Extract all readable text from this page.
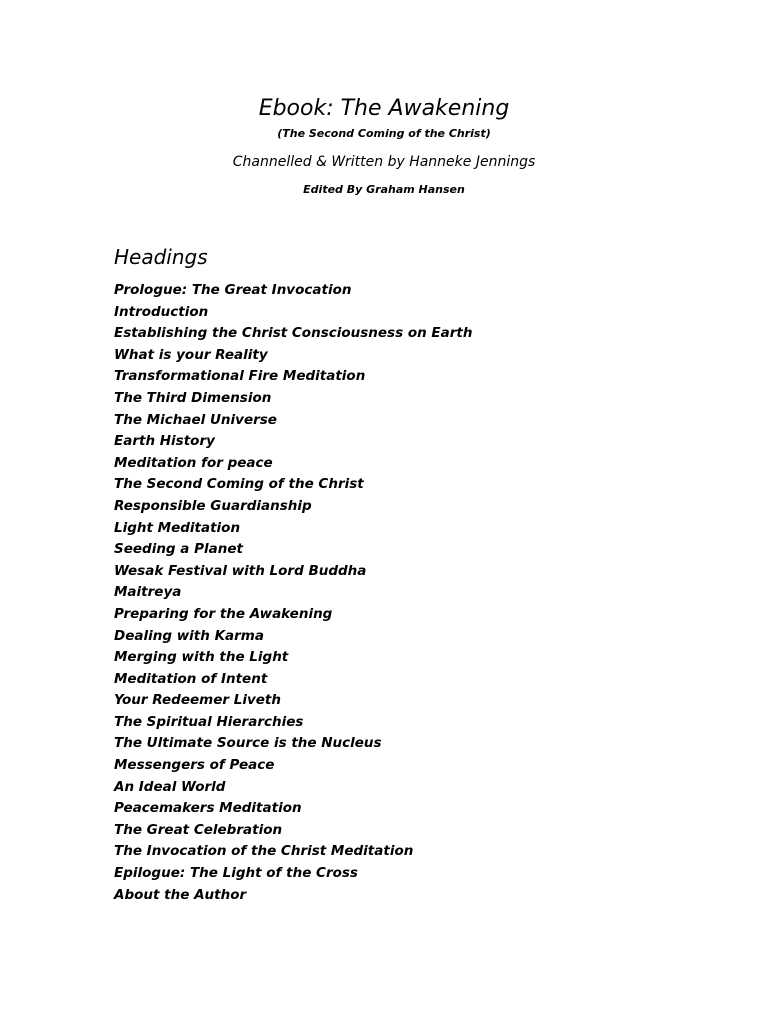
Ebook: The Awakening
(The Second Coming of the Christ)
Channelled & Written by Hanneke Jennings
Edited By Graham Hansen
Headings
Prologue: The Great Invocation
Introduction
Establishing the Christ Consciousness on Earth
What is your Reality
Transformational Fire Meditation
The Third Dimension
The Michael Universe
Earth History
Meditation for peace
The Second Coming of the Christ
Responsible Guardianship
Light Meditation
Seeding a Planet
Wesak Festival with Lord Buddha
Maitreya
Preparing for the Awakening
Dealing with Karma
Merging with the Light
Meditation of Intent
Your Redeemer Liveth
The Spiritual Hierarchies
The Ultimate Source is the Nucleus
Messengers of Peace
An Ideal World
Peacemakers Meditation
The Great Celebration
The Invocation of the Christ Meditation
Epilogue: The Light of the Cross
About the Author
